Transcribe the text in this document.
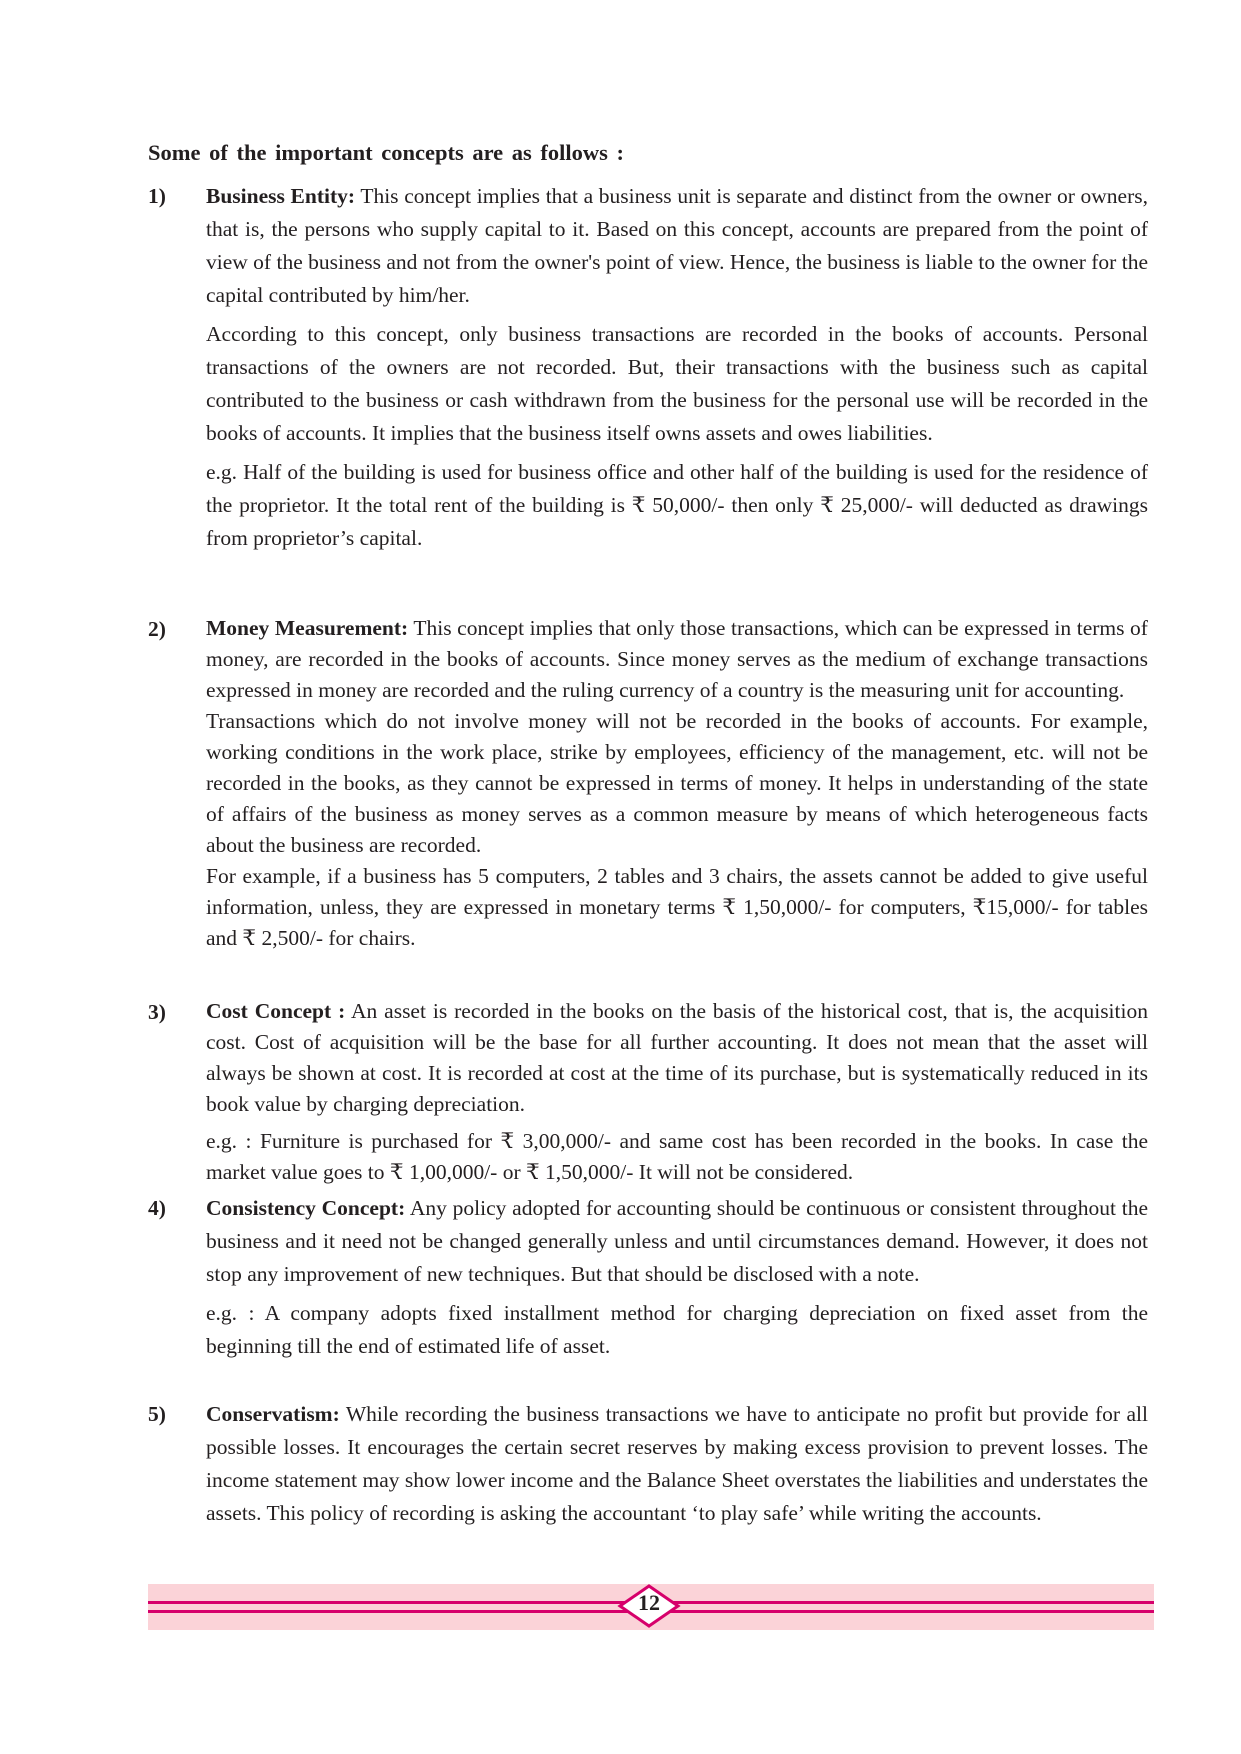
Some of the important concepts are as follows :
1) Business Entity: This concept implies that a business unit is separate and distinct from the owner or owners, that is, the persons who supply capital to it. Based on this concept, accounts are prepared from the point of view of the business and not from the owner's point of view. Hence, the business is liable to the owner for the capital contributed by him/her.

According to this concept, only business transactions are recorded in the books of accounts. Personal transactions of the owners are not recorded. But, their transactions with the business such as capital contributed to the business or cash withdrawn from the business for the personal use will be recorded in the books of accounts. It implies that the business itself owns assets and owes liabilities.

e.g. Half of the building is used for business office and other half of the building is used for the residence of the proprietor. It the total rent of the building is ₹ 50,000/- then only ₹ 25,000/- will deducted as drawings from proprietor’s capital.

2) Money Measurement: This concept implies that only those transactions, which can be expressed in terms of money, are recorded in the books of accounts. Since money serves as the medium of exchange transactions expressed in money are recorded and the ruling currency of a country is the measuring unit for accounting.

Transactions which do not involve money will not be recorded in the books of accounts. For example, working conditions in the work place, strike by employees, efficiency of the management, etc. will not be recorded in the books, as they cannot be expressed in terms of money. It helps in understanding of the state of affairs of the business as money serves as a common measure by means of which heterogeneous facts about the business are recorded.

For example, if a business has 5 computers, 2 tables and 3 chairs, the assets cannot be added to give useful information, unless, they are expressed in monetary terms ₹ 1,50,000/- for computers, ₹15,000/- for tables and ₹ 2,500/- for chairs.

3) Cost Concept : An asset is recorded in the books on the basis of the historical cost, that is, the acquisition cost. Cost of acquisition will be the base for all further accounting. It does not mean that the asset will always be shown at cost. It is recorded at cost at the time of its purchase, but is systematically reduced in its book value by charging depreciation.

e.g. : Furniture is purchased for ₹ 3,00,000/- and same cost has been recorded in the books. In case the market value goes to ₹ 1,00,000/- or ₹ 1,50,000/- It will not be considered.

4) Consistency Concept: Any policy adopted for accounting should be continuous or consistent throughout the business and it need not be changed generally unless and until circumstances demand. However, it does not stop any improvement of new techniques. But that should be disclosed with a note.

e.g. : A company adopts fixed installment method for charging depreciation on fixed asset from the beginning till the end of estimated life of asset.

5) Conservatism: While recording the business transactions we have to anticipate no profit but provide for all possible losses. It encourages the certain secret reserves by making excess provision to prevent losses. The income statement may show lower income and the Balance Sheet overstates the liabilities and understates the assets. This policy of recording is asking the accountant ‘to play safe’ while writing the accounts.

12
